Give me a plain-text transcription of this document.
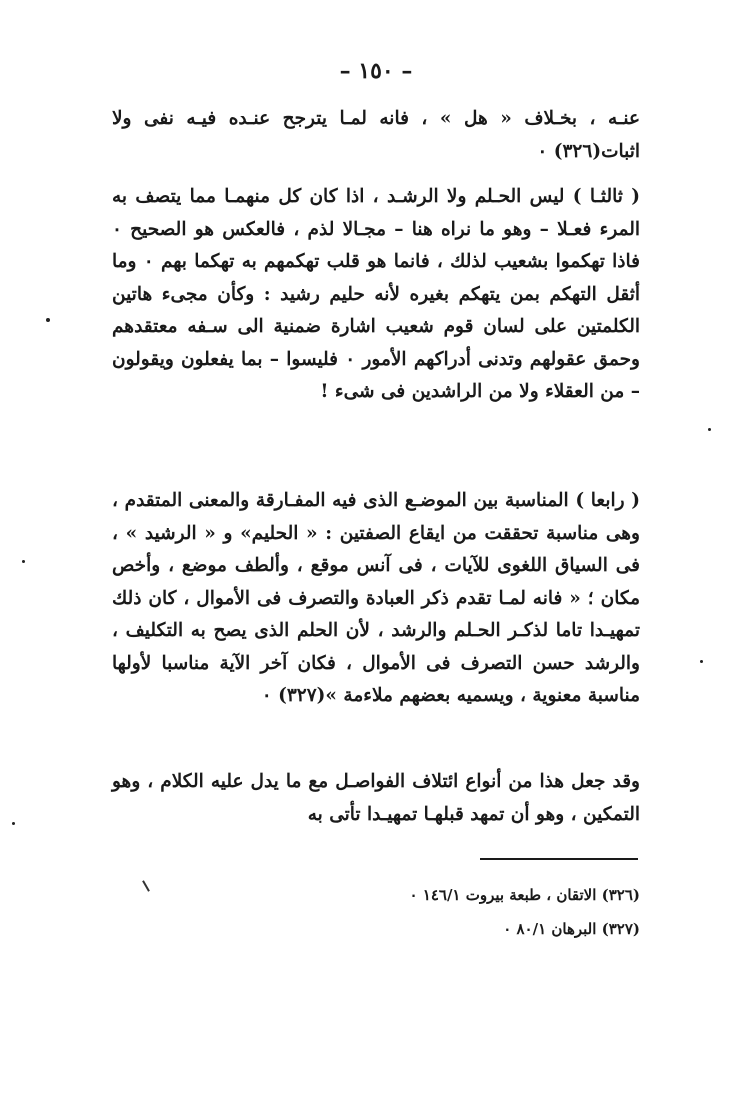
– ١٥٠ –

عنـه ، بخـلاف « هل » ، فانه لمـا يترجح عنـده فيـه نفى ولا اثبات(٣٢٦) ٠

( ثالثـا ) ليس الحـلم ولا الرشـد ، اذا كان كل منهمـا مما يتصف به المرء فعـلا – وهو ما نراه هنا – مجـالا لذم ، فالعكس هو الصحيح ٠ فاذا تهكموا بشعيب لذلك ، فانما هو قلب تهكمهم به تهكما بهم ٠ وما أثقل التهكم بمن يتهكم بغيره لأنه حليم رشيد : وكأن مجىء هاتين الكلمتين على لسان قوم شعيب اشارة ضمنية الى سـفه معتقدهم وحمق عقولهم وتدنى أدراكهم الأمور ٠ فليسوا – بما يفعلون ويقولون – من العقلاء ولا من الراشدين فى شىء !

( رابعا ) المناسبة بين الموضـع الذى فيه المفـارقة والمعنى المتقدم ، وهى مناسبة تحققت من ايقاع الصفتين : « الحليم» و « الرشيد » ، فى السياق اللغوى للآيات ، فى آنس موقع ، وألطف موضع ، وأخص مكان ؛ « فانه لمـا تقدم ذكر العبادة والتصرف فى الأموال ، كان ذلك تمهيـدا تاما لذكـر الحـلم والرشد ، لأن الحلم الذى يصح به التكليف ، والرشد حسن التصرف فى الأموال ، فكان آخر الآية مناسبا لأولها مناسبة معنوية ، ويسميه بعضهم ملاءمة »(٣٢٧) ٠

وقد جعل هذا من أنواع ائتلاف الفواصـل مع ما يدل عليه الكلام ، وهو التمكين ، وهو أن تمهد قبلهـا تمهيـدا تأتى به

(٣٢٦) الاتقان ، طبعة بيروت ١٤٦/١ ٠
(٣٢٧) البرهان ٨٠/١ ٠
